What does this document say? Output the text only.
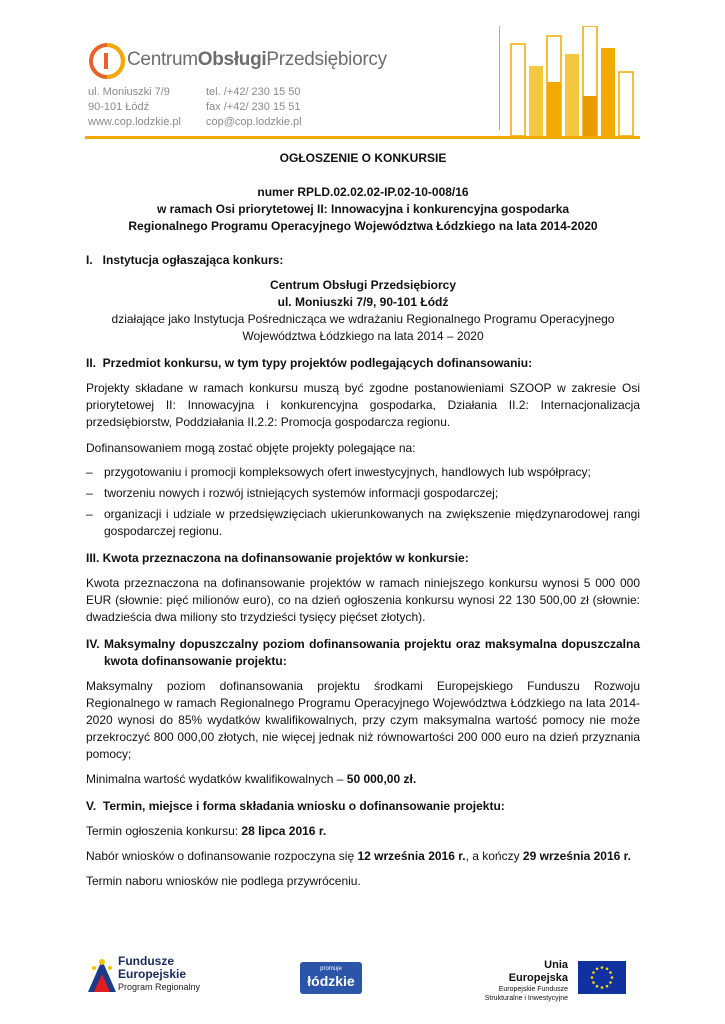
CentrumObsługiPrzedsiębiorcy
ul. Moniuszki 7/9
90-101 Łódź
www.cop.lodzkie.pl
tel. /+42/ 230 15 50
fax /+42/ 230 15 51
cop@cop.lodzkie.pl

OGŁOSZENIE O KONKURSIE

numer RPLD.02.02.02-IP.02-10-008/16

w ramach Osi priorytetowej II: Innowacyjna i konkurencyjna gospodarka

Regionalnego Programu Operacyjnego Województwa Łódzkiego na lata 2014-2020

I.   Instytucja ogłaszająca konkurs:

Centrum Obsługi Przedsiębiorcy

ul. Moniuszki 7/9, 90-101 Łódź

działające jako Instytucja Pośrednicząca we wdrażaniu Regionalnego Programu Operacyjnego

Województwa Łódzkiego na lata 2014 – 2020

II.  Przedmiot konkursu, w tym typy projektów podlegających dofinansowaniu:

Projekty składane w ramach konkursu muszą być zgodne postanowieniami SZOOP w zakresie Osi priorytetowej II: Innowacyjna i konkurencyjna gospodarka, Działania II.2: Internacjonalizacja przedsiębiorstw, Poddziałania II.2.2: Promocja gospodarcza regionu.

Dofinansowaniem mogą zostać objęte projekty polegające na:

– przygotowaniu i promocji kompleksowych ofert inwestycyjnych, handlowych lub współpracy;
– tworzeniu nowych i rozwój istniejących systemów informacji gospodarczej;
– organizacji i udziale w przedsięwzięciach ukierunkowanych na zwiększenie międzynarodowej rangi gospodarczej regionu.

III. Kwota przeznaczona na dofinansowanie projektów w konkursie:

Kwota przeznaczona na dofinansowanie projektów w ramach niniejszego konkursu wynosi 5 000 000 EUR (słownie: pięć milionów euro), co na dzień ogłoszenia konkursu wynosi 22 130 500,00 zł (słownie: dwadzieścia dwa miliony sto trzydzieści tysięcy pięćset złotych).

IV. Maksymalny dopuszczalny poziom dofinansowania projektu oraz maksymalna dopuszczalna kwota dofinansowanie projektu:

Maksymalny poziom dofinansowania projektu środkami Europejskiego Funduszu Rozwoju Regionalnego w ramach Regionalnego Programu Operacyjnego Województwa Łódzkiego na lata 2014-2020 wynosi do 85% wydatków kwalifikowalnych, przy czym maksymalna wartość pomocy nie może przekroczyć 800 000,00 złotych, nie więcej jednak niż równowartości 200 000 euro na dzień przyznania pomocy;

Minimalna wartość wydatków kwalifikowalnych – 50 000,00 zł.

V.  Termin, miejsce i forma składania wniosku o dofinansowanie projektu:

Termin ogłoszenia konkursu: 28 lipca 2016 r.

Nabór wniosków o dofinansowanie rozpoczyna się 12 września 2016 r., a kończy 29 września 2016 r.

Termin naboru wniosków nie podlega przywróceniu.

Fundusze
Europejskie
Program Regionalny
promuje
łódzkie
Unia Europejska
Europejskie Fundusze
Strukturalne i Inwestycyjne
